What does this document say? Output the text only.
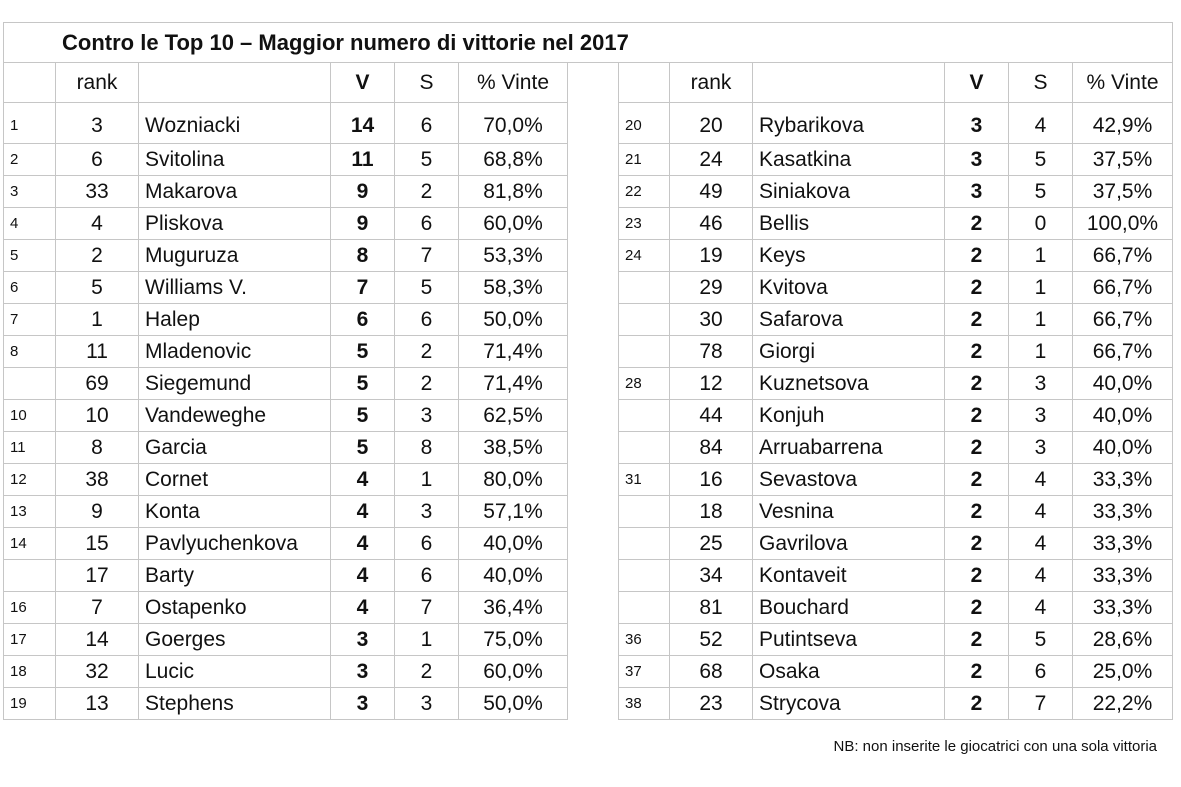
Contro le Top 10 – Maggior numero di vittorie nel 2017												
	rank		V	S	% Vinte			rank		V	S	% Vinte
1	3	Wozniacki	14	6	70,0%		20	20	Rybarikova	3	4	42,9%
2	6	Svitolina	11	5	68,8%		21	24	Kasatkina	3	5	37,5%
3	33	Makarova	9	2	81,8%		22	49	Siniakova	3	5	37,5%
4	4	Pliskova	9	6	60,0%		23	46	Bellis	2	0	100,0%
5	2	Muguruza	8	7	53,3%		24	19	Keys	2	1	66,7%
6	5	Williams V.	7	5	58,3%			29	Kvitova	2	1	66,7%
7	1	Halep	6	6	50,0%			30	Safarova	2	1	66,7%
8	11	Mladenovic	5	2	71,4%			78	Giorgi	2	1	66,7%
	69	Siegemund	5	2	71,4%		28	12	Kuznetsova	2	3	40,0%
10	10	Vandeweghe	5	3	62,5%			44	Konjuh	2	3	40,0%
11	8	Garcia	5	8	38,5%			84	Arruabarrena	2	3	40,0%
12	38	Cornet	4	1	80,0%		31	16	Sevastova	2	4	33,3%
13	9	Konta	4	3	57,1%			18	Vesnina	2	4	33,3%
14	15	Pavlyuchenkova	4	6	40,0%			25	Gavrilova	2	4	33,3%
	17	Barty	4	6	40,0%			34	Kontaveit	2	4	33,3%
16	7	Ostapenko	4	7	36,4%			81	Bouchard	2	4	33,3%
17	14	Goerges	3	1	75,0%		36	52	Putintseva	2	5	28,6%
18	32	Lucic	3	2	60,0%		37	68	Osaka	2	6	25,0%
19	13	Stephens	3	3	50,0%		38	23	Strycova	2	7	22,2%
NB: non inserite le giocatrici con una sola vittoria
